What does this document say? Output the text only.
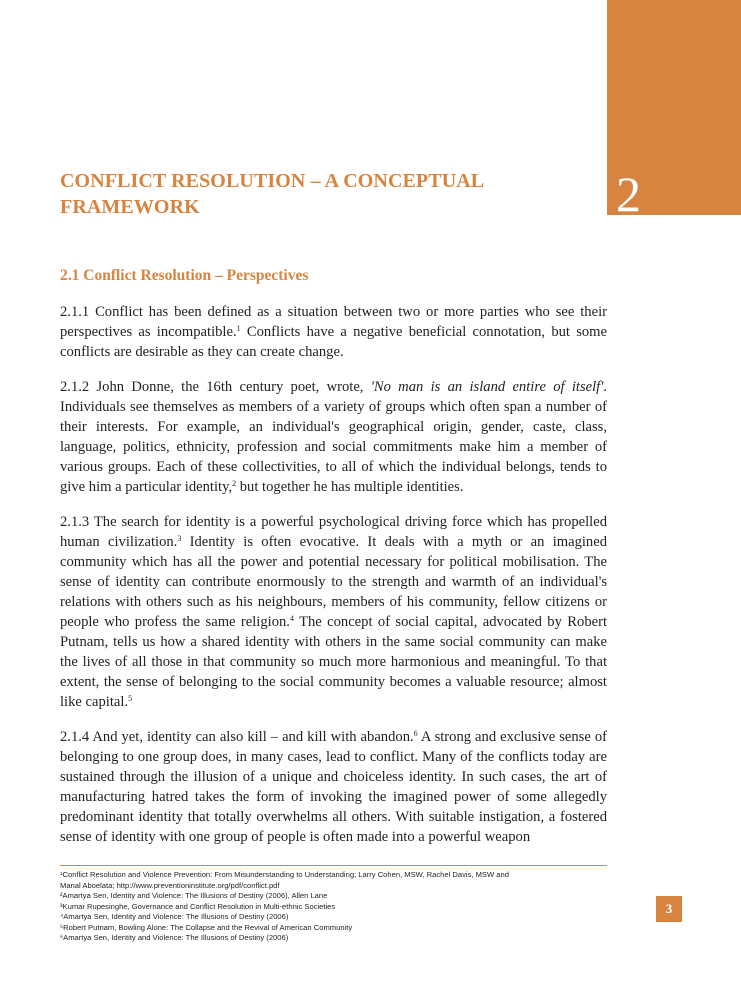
2
CONFLICT RESOLUTION – A CONCEPTUAL
FRAMEWORK
2.1 Conflict Resolution – Perspectives

2.1.1 Conflict has been defined as a situation between two or more parties who see their perspectives as incompatible.$^1$ Conflicts have a negative beneficial connotation, but some conflicts are desirable as they can create change.

2.1.2 John Donne, the 16th century poet, wrote, 'No man is an island entire of itself'. Individuals see themselves as members of a variety of groups which often span a number of their interests. For example, an individual's geographical origin, gender, caste, class, language, politics, ethnicity, profession and social commitments make him a member of various groups. Each of these collectivities, to all of which the individual belongs, tends to give him a particular identity,$^2$ but together he has multiple identities.

2.1.3 The search for identity is a powerful psychological driving force which has propelled human civilization.$^3$ Identity is often evocative. It deals with a myth or an imagined community which has all the power and potential necessary for political mobilisation. The sense of identity can contribute enormously to the strength and warmth of an individual's relations with others such as his neighbours, members of his community, fellow citizens or people who profess the same religion.$^4$ The concept of social capital, advocated by Robert Putnam, tells us how a shared identity with others in the same social community can make the lives of all those in that community so much more harmonious and meaningful. To that extent, the sense of belonging to the social community becomes a valuable resource; almost like capital.$^5$

2.1.4 And yet, identity can also kill – and kill with abandon.$^6$ A strong and exclusive sense of belonging to one group does, in many cases, lead to conflict. Many of the conflicts today are sustained through the illusion of a unique and choiceless identity. In such cases, the art of manufacturing hatred takes the form of invoking the imagined power of some allegedly predominant identity that totally overwhelms all others. With suitable instigation, a fostered sense of identity with one group of people is often made into a powerful weapon

¹Conflict Resolution and Violence Prevention: From Misunderstanding to Understanding; Larry Cohen, MSW, Rachel Davis, MSW and Manal Aboelata; http://www.preventioninstitute.org/pdf/conflict.pdf
²Amartya Sen, Identity and Violence: The Illusions of Destiny (2006), Allen Lane
³Kumar Rupesinghe, Governance and Conflict Resolution in Multi-ethnic Societies
⁴Amartya Sen, Identity and Violence: The Illusions of Destiny (2006)
⁵Robert Putnam, Bowling Alone: The Collapse and the Revival of American Community
⁶Amartya Sen, Identity and Violence: The Illusions of Destiny (2006)
3
